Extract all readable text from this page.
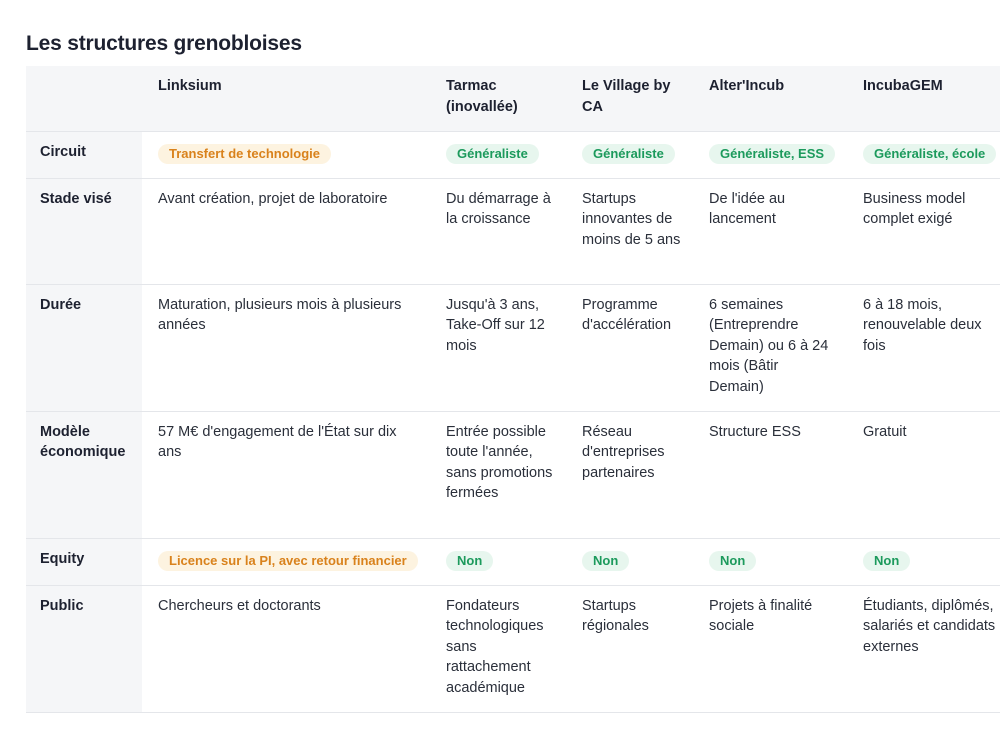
Les structures grenobloises
	Linksium	Tarmac (inovallée)	Le Village by CA	Alter'Incub	IncubaGEM
Circuit	Transfert de technologie	Généraliste	Généraliste	Généraliste, ESS	Généraliste, école
Stade visé	Avant création, projet de laboratoire	Du démarrage à la croissance	Startups innovantes de moins de 5 ans	De l'idée au lancement	Business model complet exigé
Durée	Maturation, plusieurs mois à plusieurs années	Jusqu'à 3 ans, Take-Off sur 12 mois	Programme d'accélération	6 semaines (Entreprendre Demain) ou 6 à 24 mois (Bâtir Demain)	6 à 18 mois, renouvelable deux fois
Modèle économique	57 M€ d'engagement de l'État sur dix ans	Entrée possible toute l'année, sans promotions fermées	Réseau d'entreprises partenaires	Structure ESS	Gratuit
Equity	Licence sur la PI, avec retour financier	Non	Non	Non	Non
Public	Chercheurs et doctorants	Fondateurs technologiques sans rattachement académique	Startups régionales	Projets à finalité sociale	Étudiants, diplômés, salariés et candidats externes
